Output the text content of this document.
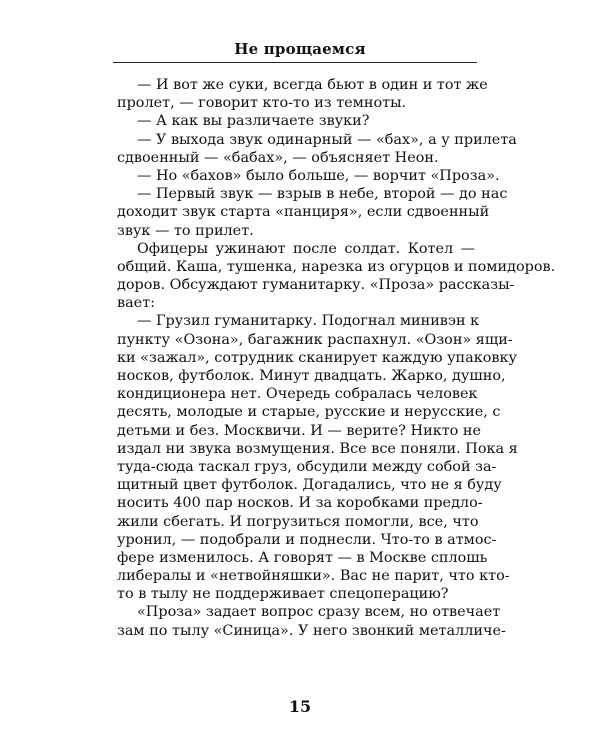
Не прощаемся
— И вот же суки, всегда бьют в один и тот же
пролет, — говорит кто-то из темноты.
— А как вы различаете звуки?
— У выхода звук одинарный — «бах», а у прилета
сдвоенный — «бабах», — объясняет Неон.
— Но «бахов» было больше, — ворчит «Проза».
— Первый звук — взрыв в небе, второй — до нас
доходит звук старта «панциря», если сдвоенный
звук — то прилет.
Офицеры ужинают после солдат. Котел —
общий. Каша, тушенка, нарезка из огурцов и помидоров.
доров. Обсуждают гуманитарку. «Проза» рассказы-
вает:
— Грузил гуманитарку. Подогнал минивэн к
пункту «Озона», багажник распахнул. «Озон» ящи-
ки «зажал», сотрудник сканирует каждую упаковку
носков, футболок. Минут двадцать. Жарко, душно,
кондиционера нет. Очередь собралась человек
десять, молодые и старые, русские и нерусские, с
детьми и без. Москвичи. И — верите? Никто не
издал ни звука возмущения. Все все поняли. Пока я
туда-сюда таскал груз, обсудили между собой за-
щитный цвет футболок. Догадались, что не я буду
носить 400 пар носков. И за коробками предло-
жили сбегать. И погрузиться помогли, все, что
уронил, — подобрали и поднесли. Что-то в атмос-
фере изменилось. А говорят — в Москве сплошь
либералы и «нетвойняшки». Вас не парит, что кто-
то в тылу не поддерживает спецоперацию?
«Проза» задает вопрос сразу всем, но отвечает
зам по тылу «Синица». У него звонкий металличе-
15
